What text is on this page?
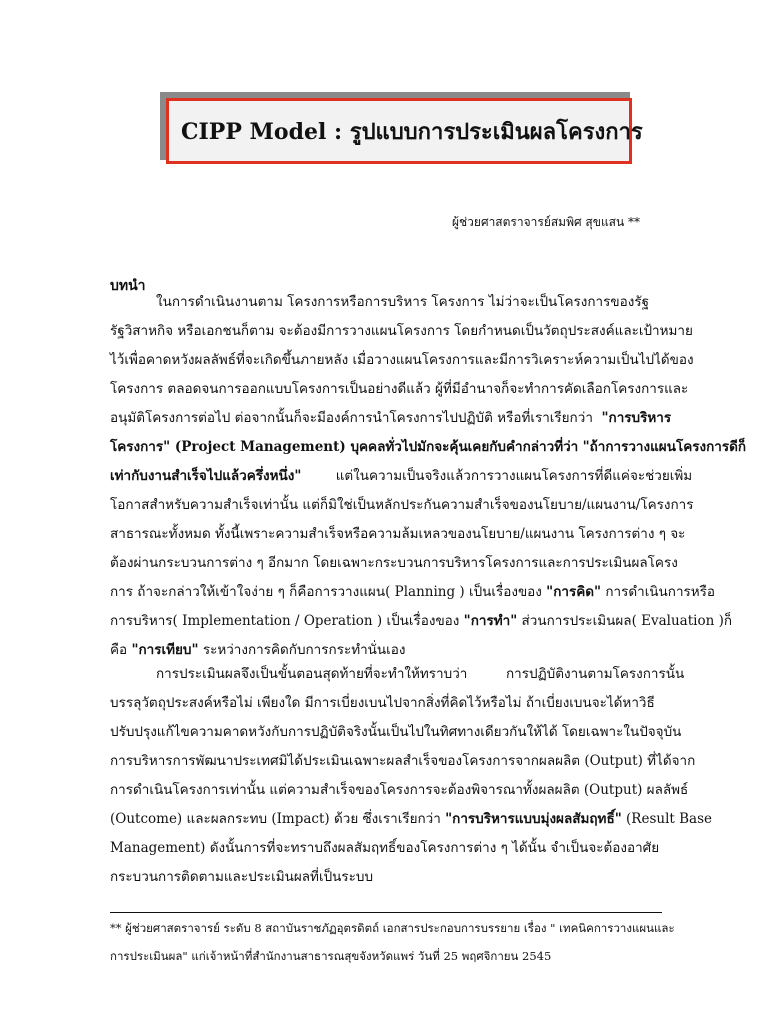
CIPP Model : รูปแบบการประเมินผลโครงการ
ผู้ช่วยศาสตราจารย์สมพิศ สุขแสน **
บทนำ
ในการดำเนินงานตาม โครงการหรือการบริหาร โครงการ ไม่ว่าจะเป็นโครงการของรัฐ
รัฐวิสาหกิจ หรือเอกชนก็ตาม จะต้องมีการวางแผนโครงการ โดยกำหนดเป็นวัตถุประสงค์และเป้าหมาย
ไว้เพื่อคาดหวังผลลัพธ์ที่จะเกิดขึ้นภายหลัง เมื่อวางแผนโครงการและมีการวิเคราะห์ความเป็นไปได้ของ
โครงการ ตลอดจนการออกแบบโครงการเป็นอย่างดีแล้ว ผู้ที่มีอำนาจก็จะทำการคัดเลือกโครงการและ
อนุมัติโครงการต่อไป ต่อจากนั้นก็จะมีองค์การนำโครงการไปปฏิบัติ หรือที่เราเรียกว่า "การบริหาร
โครงการ" (Project Management) บุคคลทั่วไปมักจะคุ้นเคยกับคำกล่าวที่ว่า "ถ้าการวางแผนโครงการดีก็
เท่ากับงานสำเร็จไปแล้วครึ่งหนึ่ง"	แต่ในความเป็นจริงแล้วการวางแผนโครงการที่ดีแค่จะช่วยเพิ่ม
โอกาสสำหรับความสำเร็จเท่านั้น แต่ก็มิใช่เป็นหลักประกันความสำเร็จของนโยบาย/แผนงาน/โครงการ
สาธารณะทั้งหมด ทั้งนี้เพราะความสำเร็จหรือความล้มเหลวของนโยบาย/แผนงาน โครงการต่าง ๆ จะ
ต้องผ่านกระบวนการต่าง ๆ อีกมาก โดยเฉพาะกระบวนการบริหารโครงการและการประเมินผลโครง
การ ถ้าจะกล่าวให้เข้าใจง่าย ๆ ก็คือการวางแผน( Planning ) เป็นเรื่องของ "การคิด" การดำเนินการหรือ
การบริหาร( Implementation / Operation ) เป็นเรื่องของ "การทำ" ส่วนการประเมินผล( Evaluation )ก็
คือ "การเทียบ" ระหว่างการคิดกับการกระทำนั่นเอง
การประเมินผลจึงเป็นขั้นตอนสุดท้ายที่จะทำให้ทราบว่า	การปฏิบัติงานตามโครงการนั้น
บรรลุวัตถุประสงค์หรือไม่ เพียงใด มีการเบี่ยงเบนไปจากสิ่งที่คิดไว้หรือไม่ ถ้าเบี่ยงเบนจะได้หาวิธี
ปรับปรุงแก้ไขความคาดหวังกับการปฏิบัติจริงนั้นเป็นไปในทิศทางเดียวกันให้ได้ โดยเฉพาะในปัจจุบัน
การบริหารการพัฒนาประเทศมิได้ประเมินเฉพาะผลสำเร็จของโครงการจากผลผลิต (Output) ที่ได้จาก
การดำเนินโครงการเท่านั้น แต่ความสำเร็จของโครงการจะต้องพิจารณาทั้งผลผลิต (Output) ผลลัพธ์
(Outcome) และผลกระทบ (Impact) ด้วย ซึ่งเราเรียกว่า "การบริหารแบบมุ่งผลสัมฤทธิ์" (Result Base
Management) ดังนั้นการที่จะทราบถึงผลสัมฤทธิ์ของโครงการต่าง ๆ ได้นั้น จำเป็นจะต้องอาศัย
กระบวนการติดตามและประเมินผลที่เป็นระบบ
** ผู้ช่วยศาสตราจารย์ ระดับ 8 สถาบันราชภัฏอุตรดิตถ์ เอกสารประกอบการบรรยาย เรื่อง " เทคนิคการวางแผนและ
การประเมินผล" แก่เจ้าหน้าที่สำนักงานสาธารณสุขจังหวัดแพร่ วันที่ 25 พฤศจิกายน 2545
